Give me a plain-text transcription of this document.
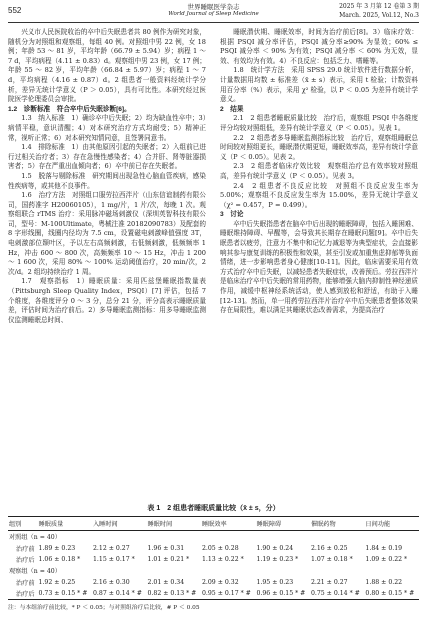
552	世界睡眠医学杂志
World Journal of Sleep Medicine
2025 年 3 月第 12 卷第 3 期
March. 2025, Vol.12, No.3

兴义市人民医院收治的卒中后失眠患者共 80 例作为研究对象，随机分为对照组和观察组，每组 40 例。对照组中男 22 例，女 18 例；年龄 53 ～ 81 岁，平均年龄（66.79 ± 5.94）岁；病程 1 ～ 7 d，平均病程（4.11 ± 0.83）d。观察组中男 23 例，女 17 例；年龄 55 ～ 82 岁，平均年龄（66.84 ± 5.97）岁；病程 1 ～ 7 d，平均病程（4.16 ± 0.87）d。2 组患者一般资料经统计学分析，差异无统计学意义（P ＞ 0.05），具有可比性。本研究经过医院医学伦理委员会审批。

1.2　诊断标准　符合卒中后失眠诊断[6]。

1.3　纳入标准　1）确诊卒中后失眠；2）均为缺血性卒中；3）病情平稳，意识清醒；4）对本研究治疗方式均耐受；5）精神正常，视听正常；6）对本研究知情同意，且签署同意书。

1.4　排除标准　1）由其他原因引起的失眠者；2）入组前已进行过相关治疗者；3）存在急慢性感染者；4）合并肝、肾等脏器损害者；5）存在严重出血倾向者；6）卒中前已存在失眠者。

1.5　脱落与剔除标准　研究期间出现急性心脑血管疾病，感染性疾病等，或其他不良事件。

1.6　治疗方法　对照组口服劳拉西泮片（山东信谊制药有限公司，国药准字 H20060105），1 mg/片，1 片/次，每晚 1 次。观察组联合 rTMS 治疗：采用脉冲磁场刺激仪（深圳英智科技有限公司，型号：M-100Ultimate，粤械注准 20182090783）及配套的 8 字形线圈，线圈内径均为 7.5 cm，设置磁电刺激峰值强度 3T，电刺激部位颞叶区，予以左右高频刺激，右低频刺激，低频频率 1 Hz，冲击 600 ～ 800 次，高频频率 10 ～ 15 Hz，冲击 1 200 ～ 1 600 次，采用 80% ～ 100% 运动阈值治疗，20 min/次，2 次/d。2 组均持续治疗 1 周。

1.7　观察指标　1）睡眠质量：采用匹兹堡睡眠指数量表（Pittsburgh Sleep Quality Index，PSQI）[7] 评估，包括 7 个维度，各维度评分 0 ～ 3 分，总分 21 分，评分高表示睡眠质量差，评估时间为治疗前后。2）多导睡眠监测指标：用多导睡眠监测仪监测睡眠总时间、

睡眠潜伏期、睡眠效率，时间为治疗前后[8]。3）临床疗效：根据 PSQI 减分率评估，PSQI 减分率≥90% 为显效；60% ≤ PSQI 减分率 ＜ 90% 为有效；PSQI 减分率 ＜ 60% 为无效，显效、有效均为有效。4）不良反应：包括乏力、嗜睡等。

1.8　统计学方法　采用 SPSS 29.0 统计软件进行数据分析，计量数据用均数 ± 标准差（x̄ ± s）表示，采用 t 检验；计数资料用百分率（%）表示，采用 χ² 检验，以 P ＜ 0.05 为差异有统计学意义。

2　结果

2.1　2 组患者睡眠质量比较　治疗后，观察组 PSQI 中各维度评分均较对照组低，差异有统计学意义（P ＜ 0.05）。见表 1。

2.2　2 组患者多导睡眠监测指标比较　治疗后，观察组睡眠总时间较对照组更长，睡眠潜伏期更短，睡眠效率高，差异有统计学意义（P ＜ 0.05）。见表 2。

2.3　2 组患者临床疗效比较　观察组治疗总有效率较对照组高，差异有统计学意义（P ＜ 0.05）。见表 3。

2.4　2 组患者不良反应比较　对照组不良反应发生率为 5.00%；观察组不良反应发生率为 15.00%，差异无统计学意义（χ² = 0.457，P = 0.499）。

3　讨论

卒中后失眠指患者在脑卒中后出现的睡眠障碍，包括入睡困难、睡眠维持障碍、早醒等，会导致其长期存在睡眠问题[9]。卒中后失眠患者以疲劳，注意力不集中和记忆力减退等为典型症状，会直接影响其参与康复训练的积极性和效果，甚至引发或加重焦虑抑郁等负面情绪，进一步影响患者身心健康[10-11]。因此，临床需要采用有效方式治疗卒中后失眠，以减轻患者失眠症状，改善预后。劳拉西泮片是临床治疗卒中后失眠的常用药物，能够增强大脑内抑制性神经递质作用，减缓中枢神经系统活动，使人感到放松和舒适，有助于入睡[12-13]。然而，单一用药劳拉西泮片治疗卒中后失眠患者整体效果存在局限性，难以满足其睡眠状态改善需求，为提高治疗

表 1　2 组患者睡眠质量比较（x̄ ± s，分）
组别	睡眠质量	入睡时间	睡眠时间	睡眠效率	睡眠障碍	催眠药物	日间功能
对照组（n = 40）							
治疗前	1.89 ± 0.23	2.12 ± 0.27	1.96 ± 0.31	2.05 ± 0.28	1.90 ± 0.24	2.16 ± 0.25	1.84 ± 0.19
治疗后	1.06 ± 0.18 *	1.15 ± 0.17 *	1.01 ± 0.21 *	1.13 ± 0.22 *	1.19 ± 0.23 *	1.07 ± 0.18 *	1.09 ± 0.22 *
观察组（n = 40）							
治疗前	1.92 ± 0.25	2.16 ± 0.30	2.01 ± 0.34	2.09 ± 0.32	1.95 ± 0.23	2.21 ± 0.27	1.88 ± 0.22
治疗后	0.73 ± 0.15 * #	0.87 ± 0.14 * #	0.82 ± 0.13 * #	0.95 ± 0.17 * #	0.96 ± 0.15 * #	0.75 ± 0.14 * #	0.80 ± 0.15 * #
注：与本组治疗前比较，* P ＜ 0.05；与对照组治疗后比较，# P ＜ 0.05
